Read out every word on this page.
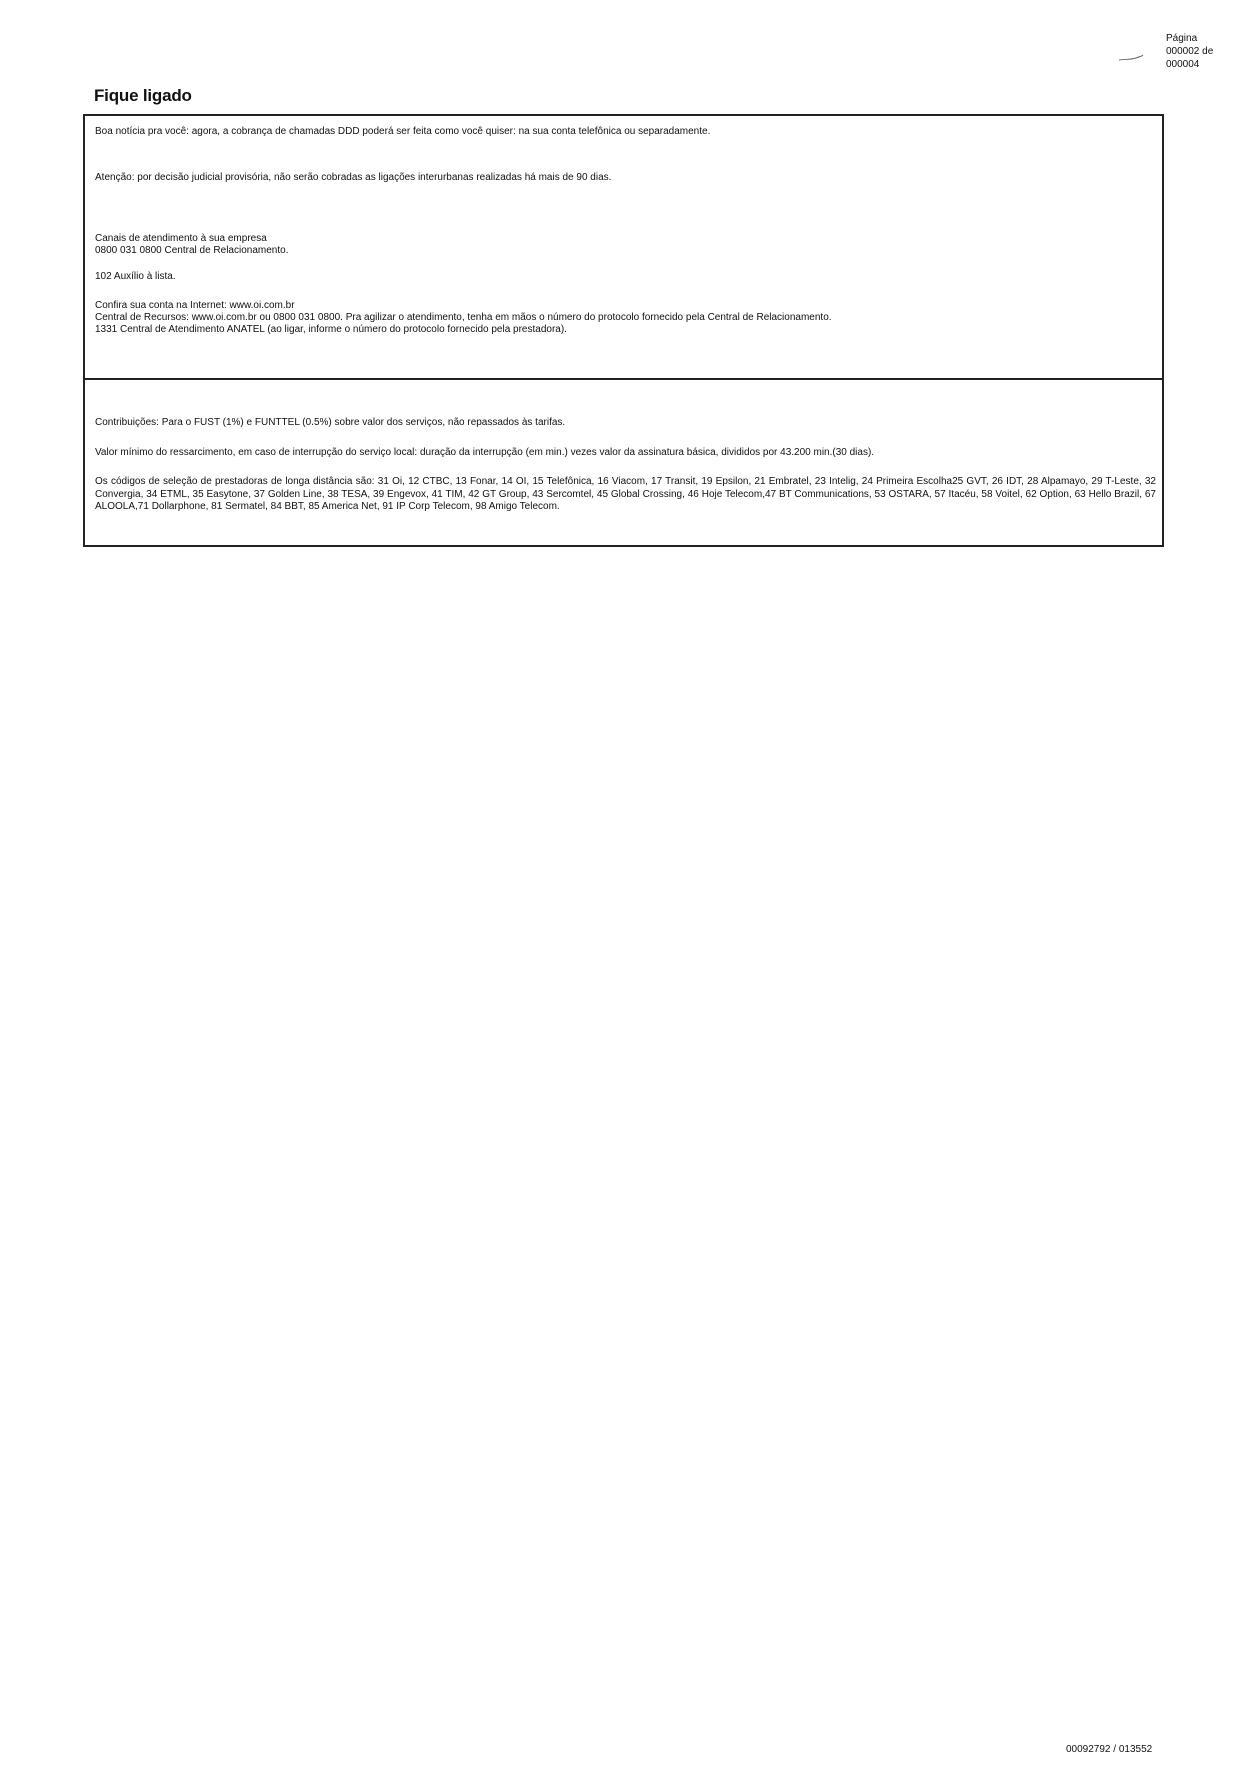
Página
000002 de
000004
Fique ligado
Boa notícia pra você: agora, a cobrança de chamadas DDD poderá ser feita como você quiser: na sua conta telefônica ou separadamente.
Atenção: por decisão judicial provisória, não serão cobradas as ligações interurbanas realizadas há mais de 90 dias.
Canais de atendimento à sua empresa
0800 031 0800 Central de Relacionamento.
102 Auxílio à lista.
Confira sua conta na Internet: www.oi.com.br
Central de Recursos: www.oi.com.br ou 0800 031 0800. Pra agilizar o atendimento, tenha em mãos o número do protocolo fornecido pela Central de Relacionamento.
1331 Central de Atendimento ANATEL (ao ligar, informe o número do protocolo fornecido pela prestadora).
Contribuições: Para o FUST (1%) e FUNTTEL (0.5%) sobre valor dos serviços, não repassados às tarifas.
Valor mínimo do ressarcimento, em caso de interrupção do serviço local: duração da interrupção (em min.) vezes valor da assinatura básica, divididos por 43.200 min.(30 dias).
Os códigos de seleção de prestadoras de longa distância são: 31 Oi, 12 CTBC, 13 Fonar, 14 OI, 15 Telefônica, 16 Viacom, 17 Transit, 19 Epsilon, 21 Embratel, 23 Intelig, 24 Primeira Escolha25 GVT, 26 IDT, 28 Alpamayo, 29 T-Leste, 32 Convergia, 34 ETML, 35 Easytone, 37 Golden Line, 38 TESA, 39 Engevox, 41 TIM, 42 GT Group, 43 Sercomtel, 45 Global Crossing, 46 Hoje Telecom,47 BT Communications, 53 OSTARA, 57 Itacéu, 58 Voitel, 62 Option, 63 Hello Brazil, 67 ALOOLA,71 Dollarphone, 81 Sermatel, 84 BBT, 85 America Net, 91 IP Corp Telecom, 98 Amigo Telecom.
00092792 / 013552
